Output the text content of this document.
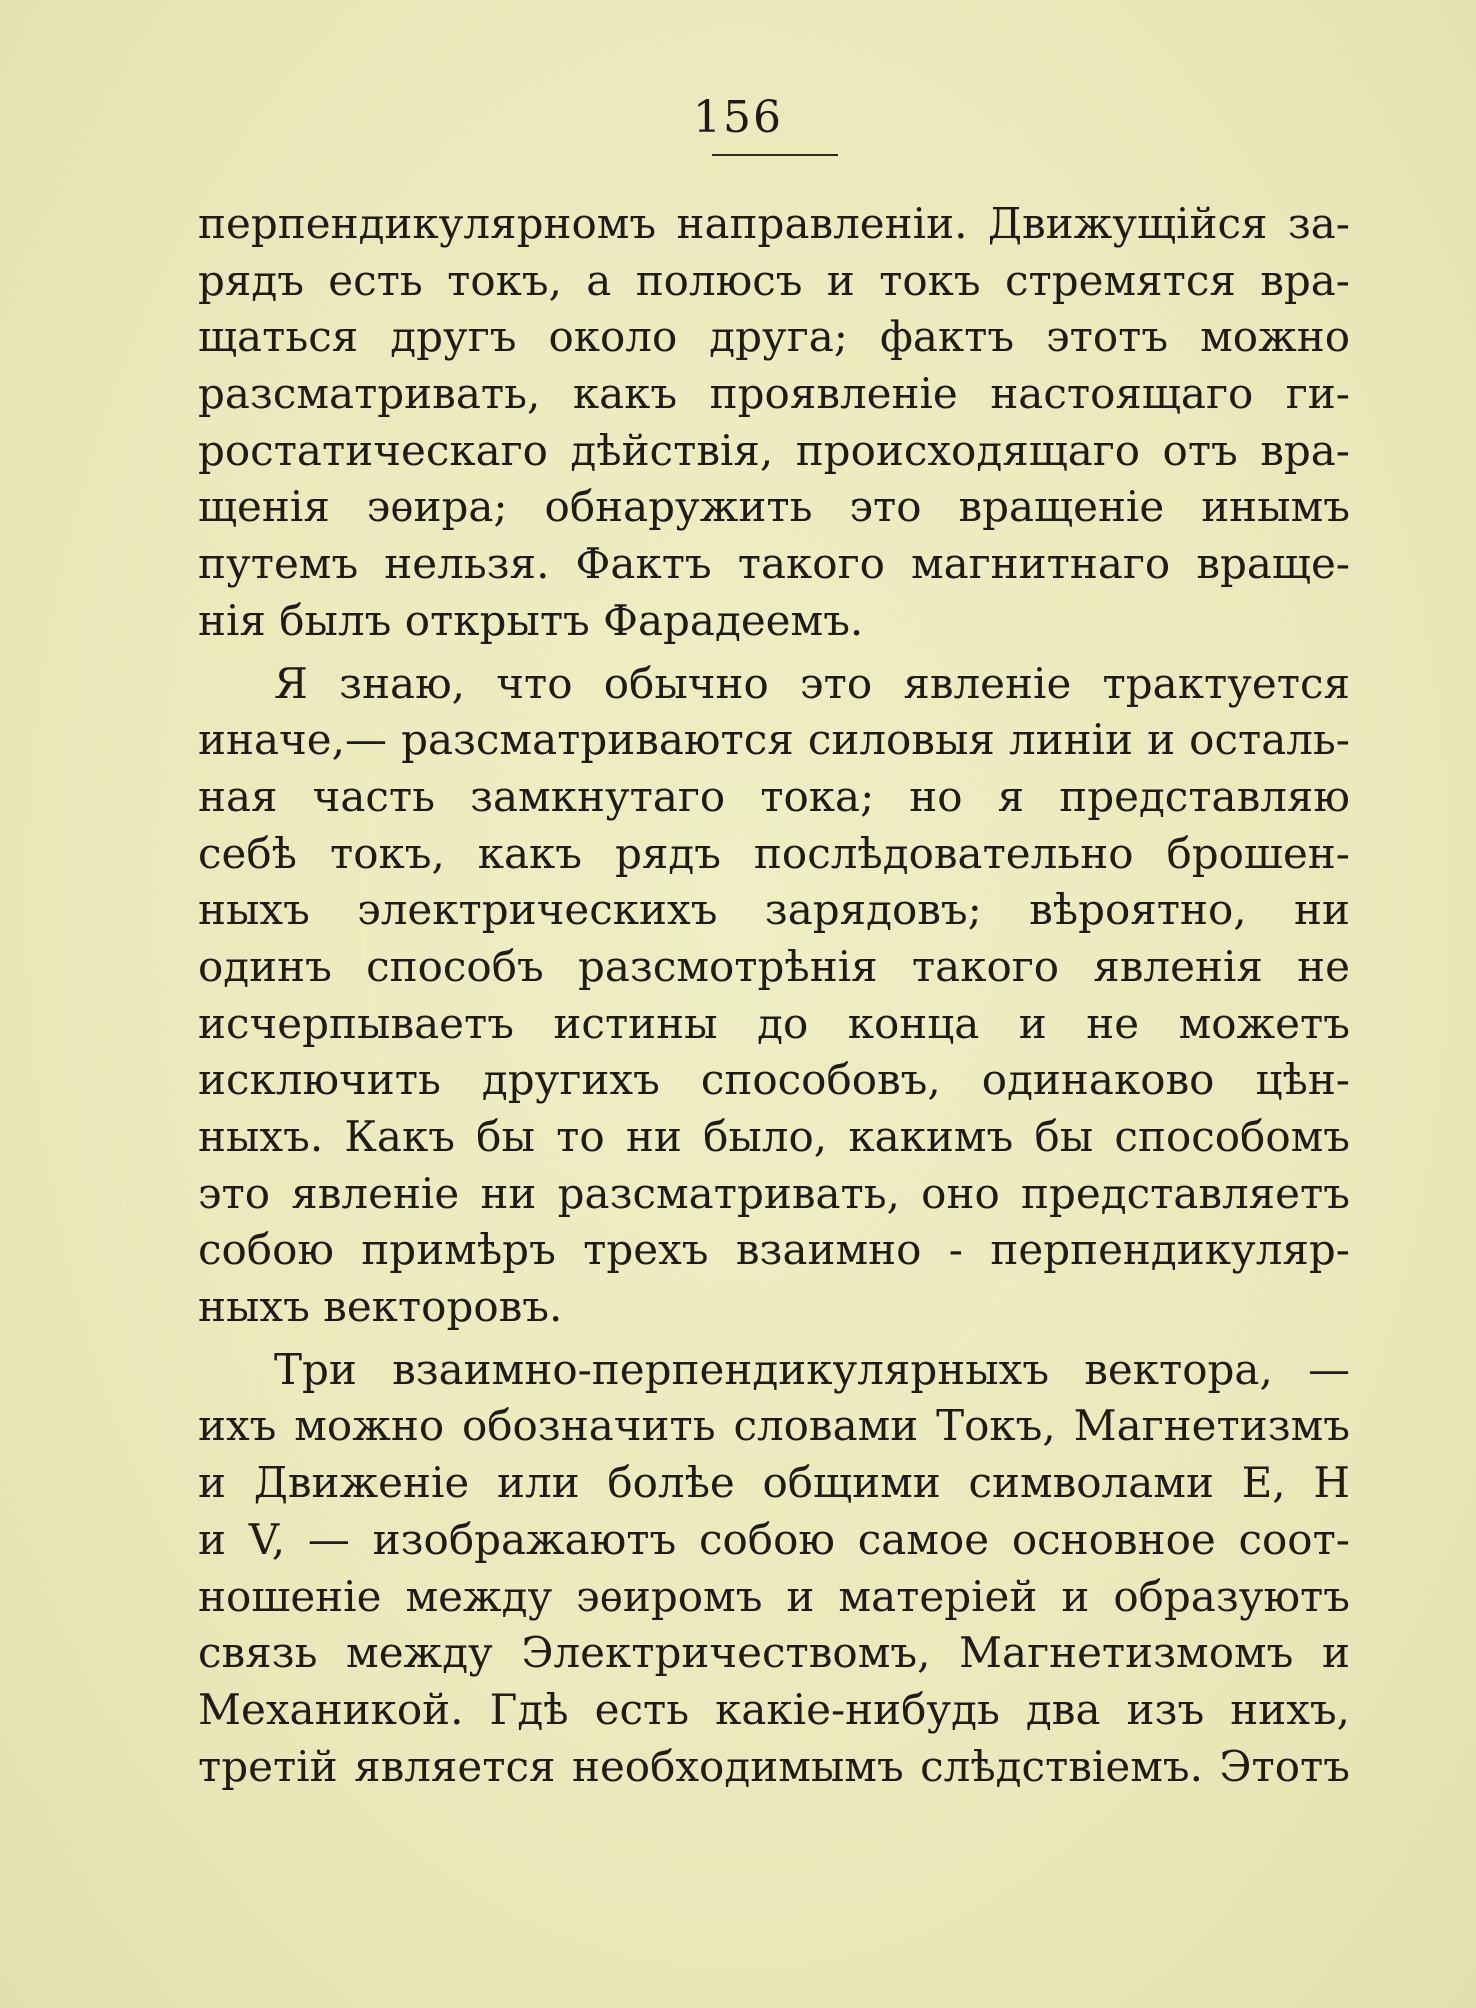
156
перпендикулярномъ направленiи. Движущiйся за-
рядъ есть токъ, а полюсъ и токъ стремятся вра-
щаться другъ около друга; фактъ этотъ можно
разсматривать, какъ проявленiе настоящаго ги-
ростатическаго дѣйствiя, происходящаго отъ вра-
щенiя эѳира; обнаружить это вращенiе инымъ
путемъ нельзя. Фактъ такого магнитнаго враще-
нiя былъ открытъ Фарадеемъ.
Я знаю, что обычно это явленiе трактуется
иначе,— разсматриваются силовыя линiи и осталь-
ная часть замкнутаго тока; но я представляю
себѣ токъ, какъ рядъ послѣдовательно брошен-
ныхъ электрическихъ зарядовъ; вѣроятно, ни
одинъ способъ разсмотрѣнiя такого явленiя не
исчерпываетъ истины до конца и не можетъ
исключить другихъ способовъ, одинаково цѣн-
ныхъ. Какъ бы то ни было, какимъ бы способомъ
это явленiе ни разсматривать, оно представляетъ
собою примѣръ трехъ взаимно - перпендикуляр-
ныхъ векторовъ.
Три взаимно-перпендикулярныхъ вектора, —
ихъ можно обозначить словами Токъ, Магнетизмъ
и Движенiе или болѣе общими символами E, H
и V, — изображаютъ собою самое основное соот-
ношенiе между эѳиромъ и матерiей и образуютъ
связь между Электричествомъ, Магнетизмомъ и
Механикой. Гдѣ есть какiе-нибудь два изъ нихъ,
третiй является необходимымъ слѣдствiемъ. Этотъ
